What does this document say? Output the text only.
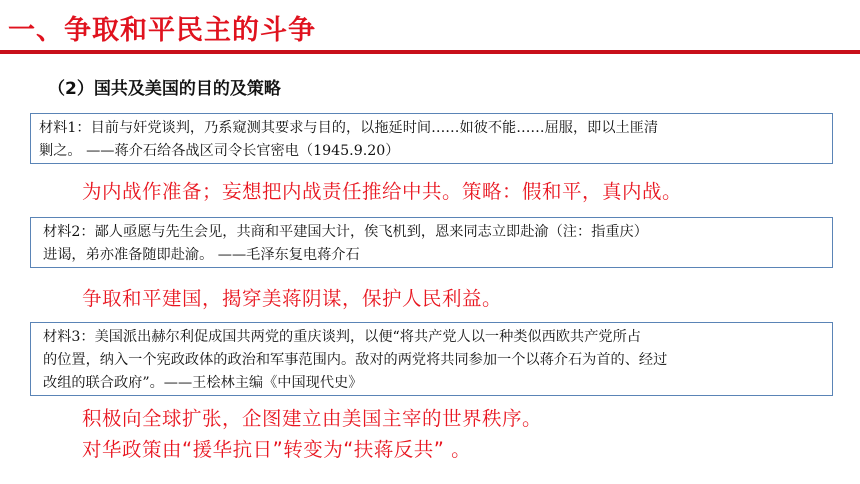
一、争取和平民主的斗争
（2）国共及美国的目的及策略

材料1：目前与奸党谈判，乃系窥测其要求与目的，以拖延时间……如彼不能……屈服，即以土匪清

剿之。 ——蒋介石给各战区司令长官密电（1945.9.20）

为内战作准备；妄想把内战责任推给中共。策略：假和平，真内战。

材料2：鄙人亟愿与先生会见，共商和平建国大计，俟飞机到，恩来同志立即赴渝（注：指重庆）

进谒，弟亦准备随即赴渝。 ——毛泽东复电蒋介石

争取和平建国，揭穿美蒋阴谋，保护人民利益。

材料3：美国派出赫尔利促成国共两党的重庆谈判，以便“将共产党人以一种类似西欧共产党所占

的位置，纳入一个宪政政体的政治和军事范围内。敌对的两党将共同参加一个以蒋介石为首的、经过

改组的联合政府”。——王桧林主编《中国现代史》

积极向全球扩张，企图建立由美国主宰的世界秩序。
对华政策由“援华抗日”转变为“扶蒋反共” 。
